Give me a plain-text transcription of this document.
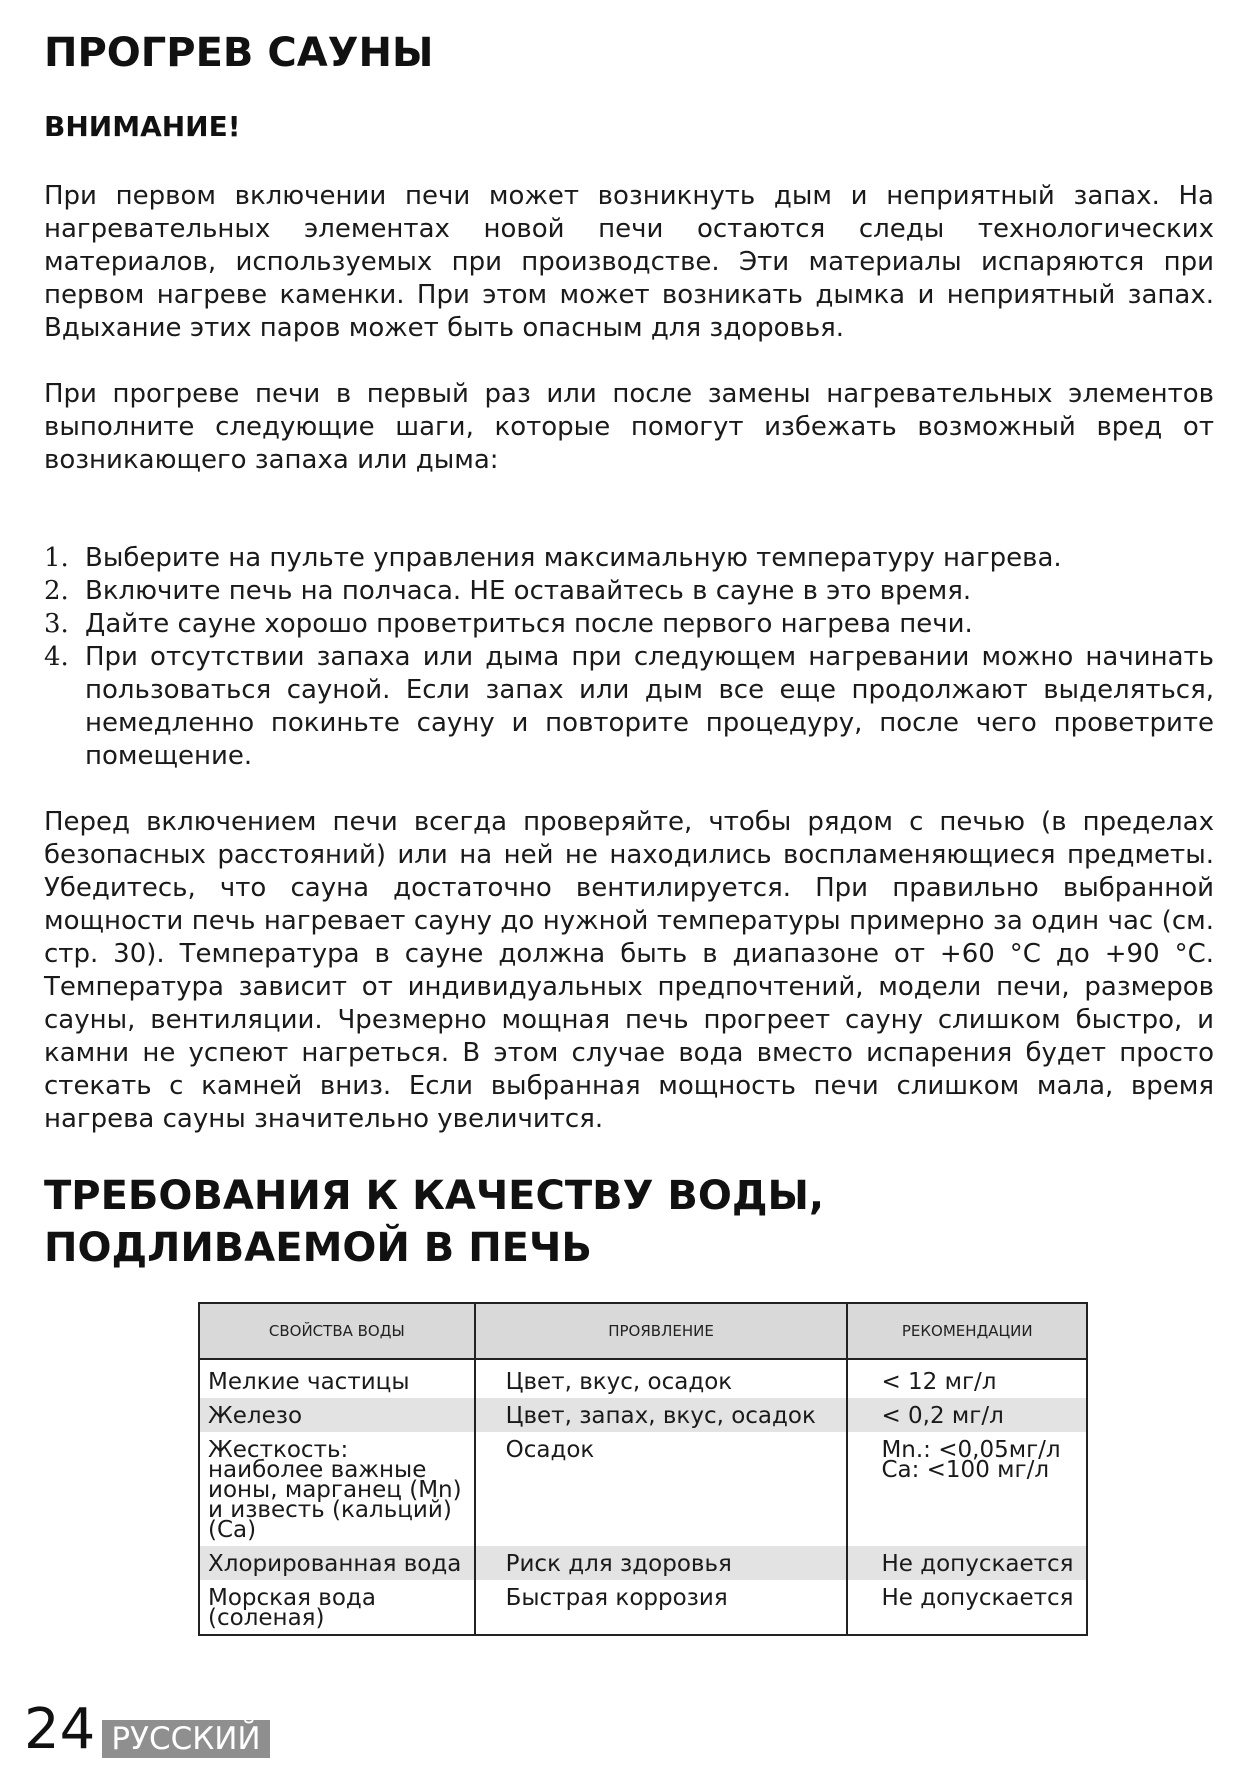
ПРОГРЕВ САУНЫ
ВНИМАНИЕ!

При первом включении печи может возникнуть дым и неприятный запах. На нагревательных элементах новой печи остаются следы технологических материалов, используемых при производстве. Эти материалы испаряются при первом нагреве каменки. При этом может возникать дымка и неприятный запах. Вдыхание этих паров может быть опасным для здоровья.

При прогреве печи в первый раз или после замены нагревательных элементов выполните следующие шаги, которые помогут избежать возможный вред от возникающего запаха или дыма:

1. Выберите на пульте управления максимальную температуру нагрева.
2. Включите печь на полчаса. НЕ оставайтесь в сауне в это время.
3. Дайте сауне хорошо проветриться после первого нагрева печи.
4. При отсутствии запаха или дыма при следующем нагревании можно начинать пользоваться сауной. Если запах или дым все еще продолжают выделяться, немедленно покиньте сауну и повторите процедуру, после чего проветрите помещение.

Перед включением печи всегда проверяйте, чтобы рядом с печью (в пределах безопасных расстояний) или на ней не находились воспламеняющиеся предметы. Убедитесь, что сауна достаточно вентилируется. При правильно выбранной мощности печь нагревает сауну до нужной температуры примерно за один час (см. стр. 30). Температура в сауне должна быть в диапазоне от +60 °С до +90 °С. Температура зависит от индивидуальных предпочтений, модели печи, размеров сауны, вентиляции. Чрезмерно мощная печь прогреет сауну слишком быстро, и камни не успеют нагреться. В этом случае вода вместо испарения будет просто стекать с камней вниз. Если выбранная мощность печи слишком мала, время нагрева сауны значительно увеличится.

ТРЕБОВАНИЯ К КАЧЕСТВУ ВОДЫ,
ПОДЛИВАЕМОЙ В ПЕЧЬ
СВОЙСТВА ВОДЫ	ПРОЯВЛЕНИЕ	РЕКОМЕНДАЦИИ
Мелкие частицы	Цвет, вкус, осадок	< 12 мг/л
Железо	Цвет, запах, вкус, осадок	< 0,2 мг/л
Жесткость: наиболее важные ионы, марганец (Mn) и известь (кальций) (Са)	Осадок	Mn.: <0,05мг/л Ca: <100 мг/л
Хлорированная вода	Риск для здоровья	Не допускается
Морская вода (соленая)	Быстрая коррозия	Не допускается
24 РУССКИЙ
